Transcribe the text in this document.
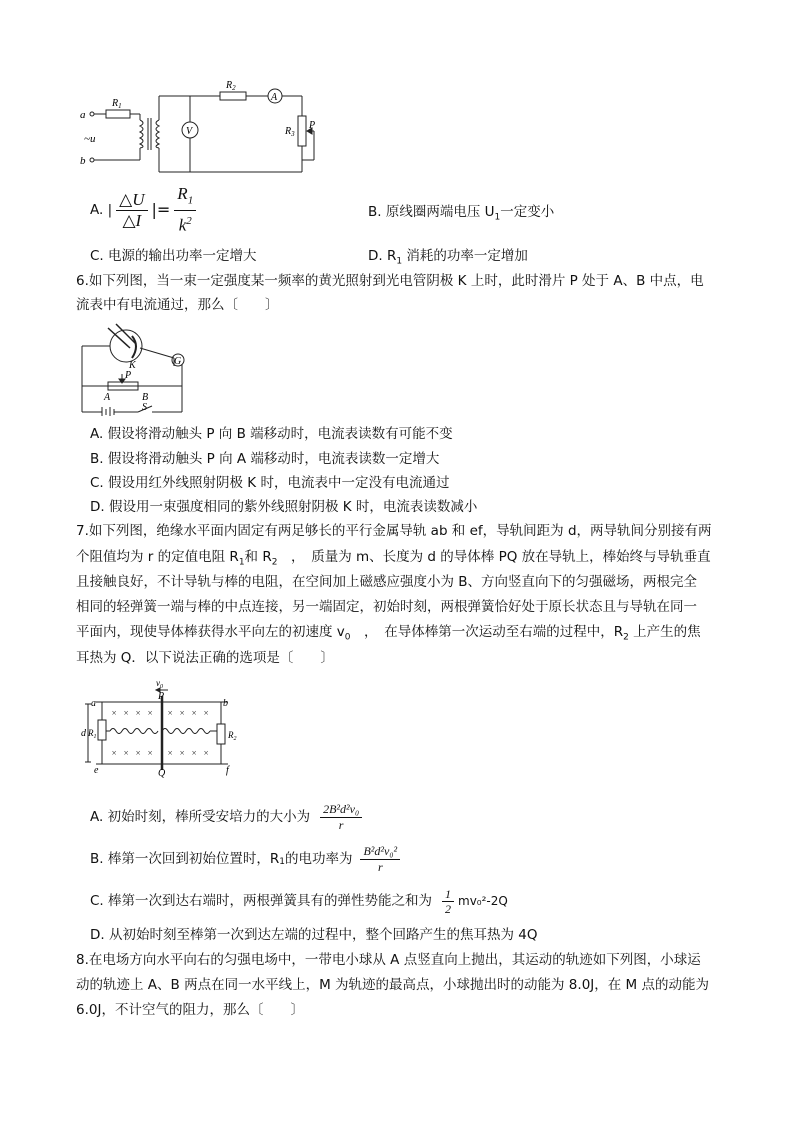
a
~u
b
$R_1$
$R_2$
$R_3$
A
V
P
A. | $\frac{\triangle U}{\triangle I}$ |= $\frac{R_1}{k^2}$	B. 原线圈两端电压 $U_1$一定变小
C. 电源的输出功率一定增大	D. $R_1$ 消耗的功率一定增加
6.如下列图，当一束一定强度某一频率的黄光照射到光电管阴极 K 上时，此时滑片 P 处于 A、B 中点，电
流表中有电流通过，那么〔　　〕
K	G
P
A	B
S
A. 假设将滑动触头 P 向 B 端移动时，电流表读数有可能不变
B. 假设将滑动触头 P 向 A 端移动时，电流表读数一定增大
C. 假设用红外线照射阴极 K 时，电流表中一定没有电流通过
D. 假设用一束强度相同的紫外线照射阴极 K 时，电流表读数减小
7.如下列图，绝缘水平面内固定有两足够长的平行金属导轨 ab 和 ef，导轨间距为 d，两导轨间分别接有两
个阻值均为 r 的定值电阻 $R_1$和 $R_2$　，　质量为 m、长度为 d 的导体棒 PQ 放在导轨上，棒始终与导轨垂直
且接触良好，不计导轨与棒的电阻，在空间加上磁感应强度小为 B、方向竖直向下的匀强磁场，两根完全
相同的轻弹簧一端与棒的中点连接，另一端固定，初始时刻，两根弹簧恰好处于原长状态且与导轨在同一
平面内，现使导体棒获得水平向左的初速度 $v_0$　，　在导体棒第一次运动至右端的过程中，$R_2$ 上产生的焦
耳热为 Q．以下说法正确的选项是〔　　〕
× × × × × × × ×
× × × × × × × ×
$v_0$
P
a	b
d $R_1$	$R_2$
e	f
Q
A. 初始时刻，棒所受安培力的大小为 $\frac{\text{2B²d²v₀}}{r}$
B. 棒第一次回到初始位置时，$R_1$ 的电功率为 $\frac{\text{B²d²v₀²}}{r}$
C. 棒第一次到达右端时，两根弹簧具有的弹性势能之和为 $\frac{1}{2} mv_0^2-2Q$
D. 从初始时刻至棒第一次到达左端的过程中，整个回路产生的焦耳热为 4Q
8.在电场方向水平向右的匀强电场中，一带电小球从 A 点竖直向上抛出，其运动的轨迹如下列图，小球运
动的轨迹上 A、B 两点在同一水平线上，M 为轨迹的最高点，小球抛出时的动能为 8.0J，在 M 点的动能为
6.0J，不计空气的阻力，那么〔　　〕
